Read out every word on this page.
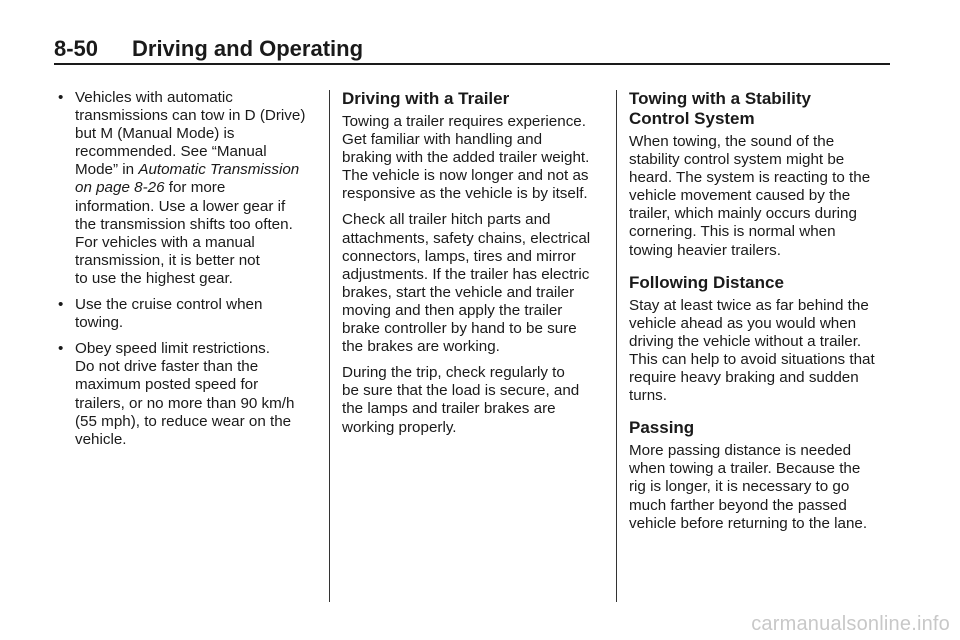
8-50 Driving and Operating
• Vehicles with automatic
transmissions can tow in D (Drive)
but M (Manual Mode) is
recommended. See “Manual
Mode” in Automatic Transmission
on page 8-26 for more
information. Use a lower gear if
the transmission shifts too often.
For vehicles with a manual
transmission, it is better not
to use the highest gear.
• Use the cruise control when
towing.
• Obey speed limit restrictions.
Do not drive faster than the
maximum posted speed for
trailers, or no more than 90 km/h
(55 mph), to reduce wear on the
vehicle.
Driving with a Trailer

Towing a trailer requires experience.
Get familiar with handling and
braking with the added trailer weight.
The vehicle is now longer and not as
responsive as the vehicle is by itself.

Check all trailer hitch parts and
attachments, safety chains, electrical
connectors, lamps, tires and mirror
adjustments. If the trailer has electric
brakes, start the vehicle and trailer
moving and then apply the trailer
brake controller by hand to be sure
the brakes are working.

During the trip, check regularly to
be sure that the load is secure, and
the lamps and trailer brakes are
working properly.

Towing with a Stability
Control System

When towing, the sound of the
stability control system might be
heard. The system is reacting to the
vehicle movement caused by the
trailer, which mainly occurs during
cornering. This is normal when
towing heavier trailers.

Following Distance

Stay at least twice as far behind the
vehicle ahead as you would when
driving the vehicle without a trailer.
This can help to avoid situations that
require heavy braking and sudden
turns.

Passing

More passing distance is needed
when towing a trailer. Because the
rig is longer, it is necessary to go
much farther beyond the passed
vehicle before returning to the lane.

carmanualsonline.info
